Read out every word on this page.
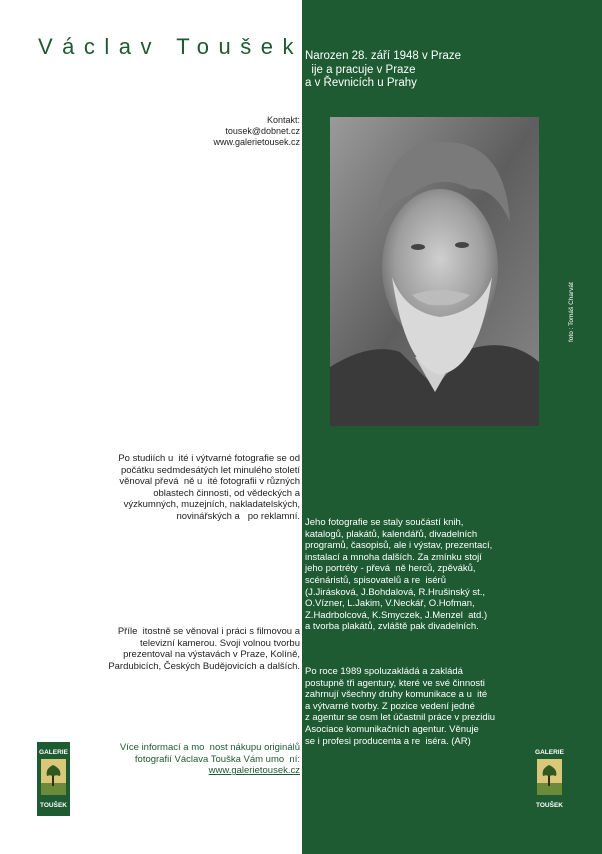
Václav Toušek Narozen 28. září 1948 v Praze
ije a pracuje v Praze
a v Řevnicích u Prahy
Kontakt:
tousek@dobnet.cz
www.galerietousek.cz
foto : Tomáš Charvát
Po studiích u  ité i výtvarné fotografie se od
počátku sedmdesátých let minulého století
věnoval převá  ně u  ité fotografii v různých
oblastech činnosti, od vědeckých a
výzkumných, muzejních, nakladatelských,
novinářských a   po reklamní.
Příle  itostně se věnoval i práci s filmovou a
televizní kamerou. Svoji volnou tvorbu
prezentoval na výstavách v Praze, Kolíně,
Pardubicích, Českých Budějovicích a dalších.
Jeho fotografie se staly součástí knih,
katalogů, plakátů, kalendářů, divadelních
programů, časopisů, ale i výstav, prezentací,
instalací a mnoha dalších. Za zmínku stojí
jeho portréty - převá  ně herců, zpěváků,
scénáristů, spisovatelů a re  isérů
(J.Jirásková, J.Bohdalová, R.Hrušinský st.,
O.Vízner, L.Jakim, V.Neckář, O.Hofman,
Z.Hadrbolcová, K.Smyczek, J.Menzel  atd.)
a tvorba plakátů, zvláště pak divadelních.
Po roce 1989 spoluzakládá a zakládá
postupně tři agentury, které ve své činnosti
zahrnují všechny druhy komunikace a u  ité
a výtvarné tvorby. Z pozice vedení jedné
z agentur se osm let účastnil práce v prezidiu
Asociace komunikačních agentur. Věnuje
se i profesi producenta a re  iséra. (AR)
Více informací a mo  nost nákupu originálů
fotografií Václava Touška Vám umo  ní:
www.galerietousek.cz
GALERIE
TOUŠEK
GALERIE
TOUŠEK
